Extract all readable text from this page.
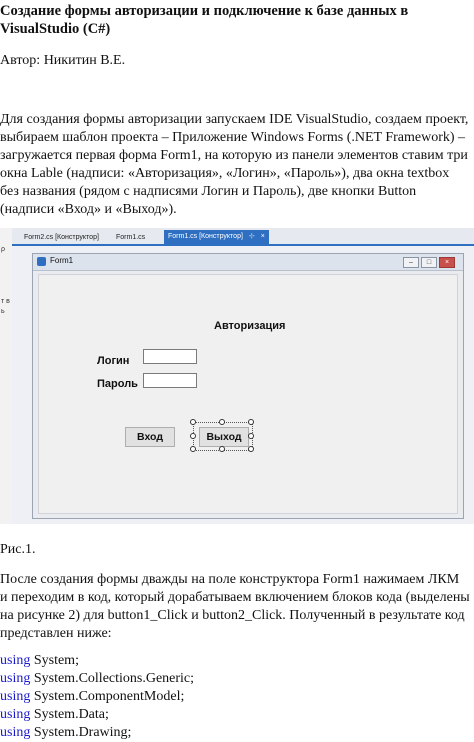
Создание формы авторизации и подключение к базе данных в VisualStudio (С#)
Автор: Никитин В.Е.
Для создания формы авторизации запускаем IDE VisualStudio, создаем проект, выбираем шаблон проекта – Приложение Windows Forms (.NET Framework) – загружается первая форма Form1, на которую из панели элементов ставим три окна Lable (надписи: «Авторизация», «Логин», «Пароль»), два окна textbox без названия (рядом с надписями Логин и Пароль), две кнопки Button (надписи «Вход» и «Выход»).
ρ
т в
ь
Form2.cs [Конструктор]	Form1.cs	Form1.cs [Конструктор] ⊹ ×
Form1	–	□	×
Авторизация
Логин
Пароль
Вход	Выход
Рис.1.
После создания формы дважды на поле конструктора Form1 нажимаем ЛКМ и переходим в код, который дорабатываем включением блоков кода (выделены на рисунке 2) для button1_Click и button2_Click. Полученный в результате код представлен ниже:
using System;
using System.Collections.Generic;
using System.ComponentModel;
using System.Data;
using System.Drawing;
